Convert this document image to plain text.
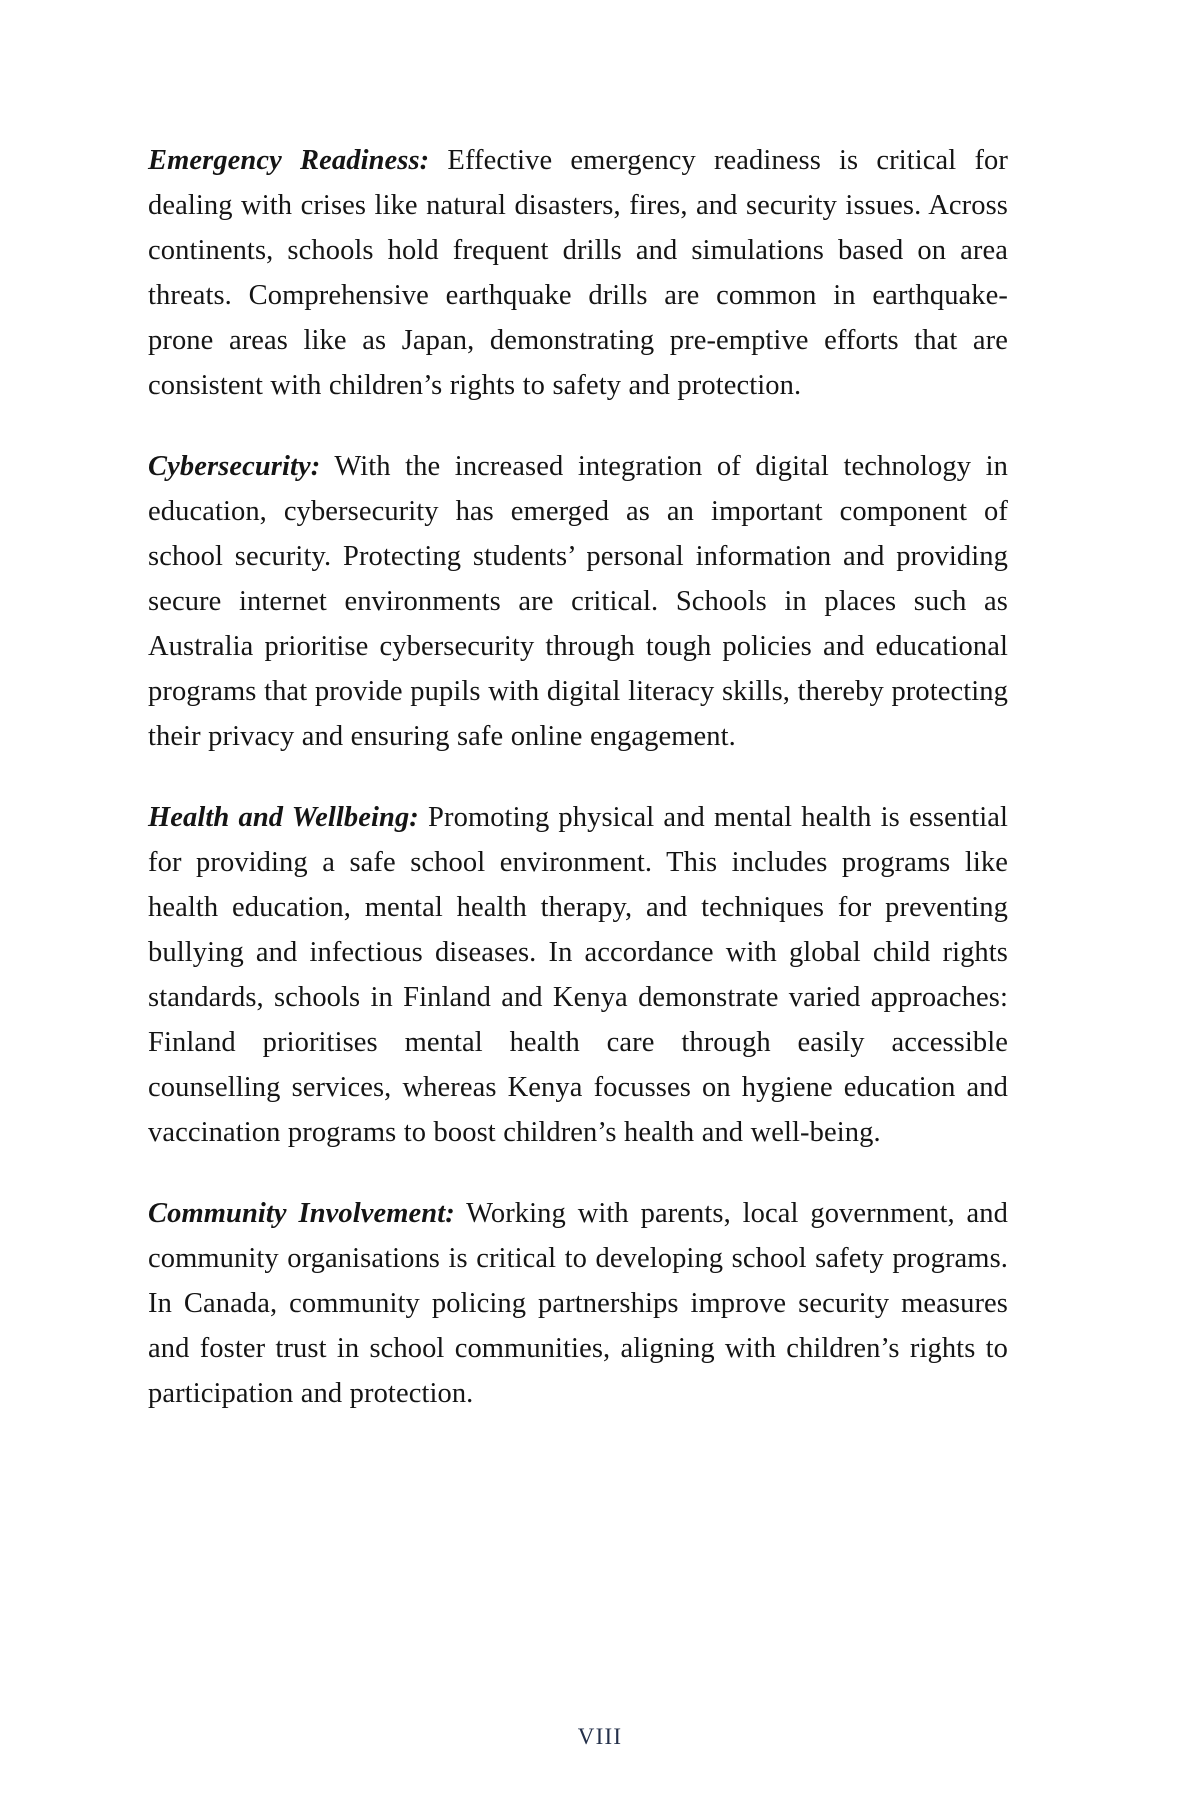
Emergency Readiness: Effective emergency readiness is critical for dealing with crises like natural disasters, fires, and security issues. Across continents, schools hold frequent drills and simulations based on area threats. Comprehensive earthquake drills are common in earthquake-prone areas like as Japan, demonstrating pre-emptive efforts that are consistent with children’s rights to safety and protection.

Cybersecurity: With the increased integration of digital technology in education, cybersecurity has emerged as an important component of school security. Protecting students’ personal information and providing secure internet environments are critical. Schools in places such as Australia prioritise cybersecurity through tough policies and educational programs that provide pupils with digital literacy skills, thereby protecting their privacy and ensuring safe online engagement.

Health and Wellbeing: Promoting physical and mental health is essential for providing a safe school environment. This includes programs like health education, mental health therapy, and techniques for preventing bullying and infectious diseases. In accordance with global child rights standards, schools in Finland and Kenya demonstrate varied approaches: Finland prioritises mental health care through easily accessible counselling services, whereas Kenya focusses on hygiene education and vaccination programs to boost children’s health and well-being.

Community Involvement: Working with parents, local government, and community organisations is critical to developing school safety programs. In Canada, community policing partnerships improve security measures and foster trust in school communities, aligning with children’s rights to participation and protection.

VIII
